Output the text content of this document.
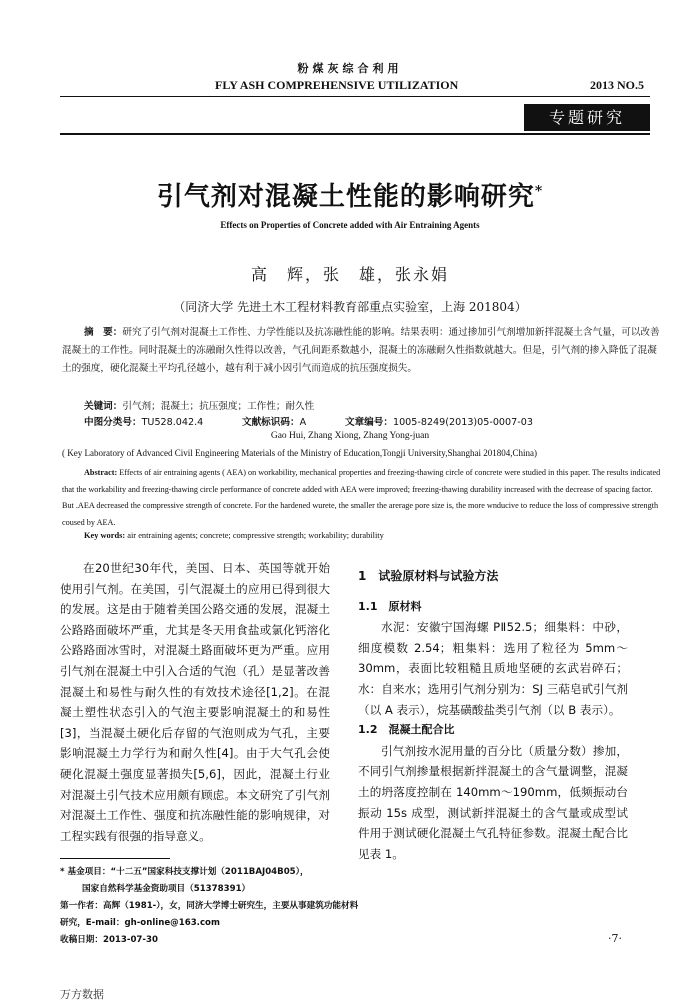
粉煤灰综合利用
FLY ASH COMPREHENSIVE UTILIZATION	2013 NO.5
专题研究
引气剂对混凝土性能的影响研究*
Effects on Properties of Concrete added with Air Entraining Agents
高　辉，张　雄，张永娟
（同济大学 先进土木工程材料教育部重点实验室，上海 201804）
摘　要：研究了引气剂对混凝土工作性、力学性能以及抗冻融性能的影响。结果表明：通过掺加引气剂增加新拌混凝土含气量，可以改善混凝土的工作性。同时混凝土的冻融耐久性得以改善，气孔间距系数越小，混凝土的冻融耐久性指数就越大。但是，引气剂的掺入降低了混凝土的强度，硬化混凝土平均孔径越小，越有利于减小因引气而造成的抗压强度损失。
关键词：引气剂；混凝土；抗压强度；工作性；耐久性
中图分类号：TU528.042.4	文献标识码：A	文章编号：1005-8249(2013)05-0007-03
Gao Hui, Zhang Xiong, Zhang Yong-juan
( Key Laboratory of Advanced Civil Engineering Materials of the Ministry of Education,Tongji University,Shanghai 201804,China)
Abstract: Effects of air entraining agents ( AEA) on workability, mechanical properties and freezing-thawing circle of concrete were studied in this paper. The results indicated that the workability and freezing-thawing circle performance of concrete added with AEA were improved; freezing-thawing durability increased with the decrease of spacing factor. But .AEA decreased the compressive strength of concrete. For the hardened wurete, the smaller the arerage pore size is, the more wnducive to reduce the loss of compressive strength coused by AEA.
Key words: air entraining agents; concrete; compressive strength; workability; durability
在20世纪30年代，美国、日本、英国等就开始使用引气剂。在美国，引气混凝土的应用已得到很大的发展。这是由于随着美国公路交通的发展，混凝土公路路面破坏严重，尤其是冬天用食盐或氯化钙溶化公路路面冰雪时，对混凝土路面破坏更为严重。应用引气剂在混凝土中引入合适的气泡（孔）是显著改善混凝土和易性与耐久性的有效技术途径[1,2]。在混凝土塑性状态引入的气泡主要影响混凝土的和易性[3]，当混凝土硬化后存留的气泡则成为气孔，主要影响混凝土力学行为和耐久性[4]。由于大气孔会使硬化混凝土强度显著损失[5,6]，因此，混凝土行业对混凝土引气技术应用颇有顾虑。本文研究了引气剂对混凝土工作性、强度和抗冻融性能的影响规律，对工程实践有很强的指导意义。

1　试验原材料与试验方法

1.1　原材料

水泥：安徽宁国海螺 PⅡ52.5；细集料：中砂，细度模数 2.54；粗集料：选用了粒径为 5mm～30mm，表面比较粗糙且质地坚硬的玄武岩碎石；水：自来水；选用引气剂分别为：SJ 三萜皂甙引气剂（以 A 表示），烷基磺酸盐类引气剂（以 B 表示）。

1.2　混凝土配合比

引气剂按水泥用量的百分比（质量分数）掺加，不同引气剂掺量根据新拌混凝土的含气量调整，混凝土的坍落度控制在 140mm～190mm，低频振动台振动 15s 成型，测试新拌混凝土的含气量或成型试件用于测试硬化混凝土气孔特征参数。混凝土配合比见表 1。

* 基金项目：“十二五”国家科技支撑计划（2011BAJ04B05），
国家自然科学基金资助项目（51378391）
第一作者：高辉（1981-），女，同济大学博士研究生，主要从事建筑功能材料研究，E-mail：gh-online@163.com
收稿日期：2013-07-30	·7·
万方数据
